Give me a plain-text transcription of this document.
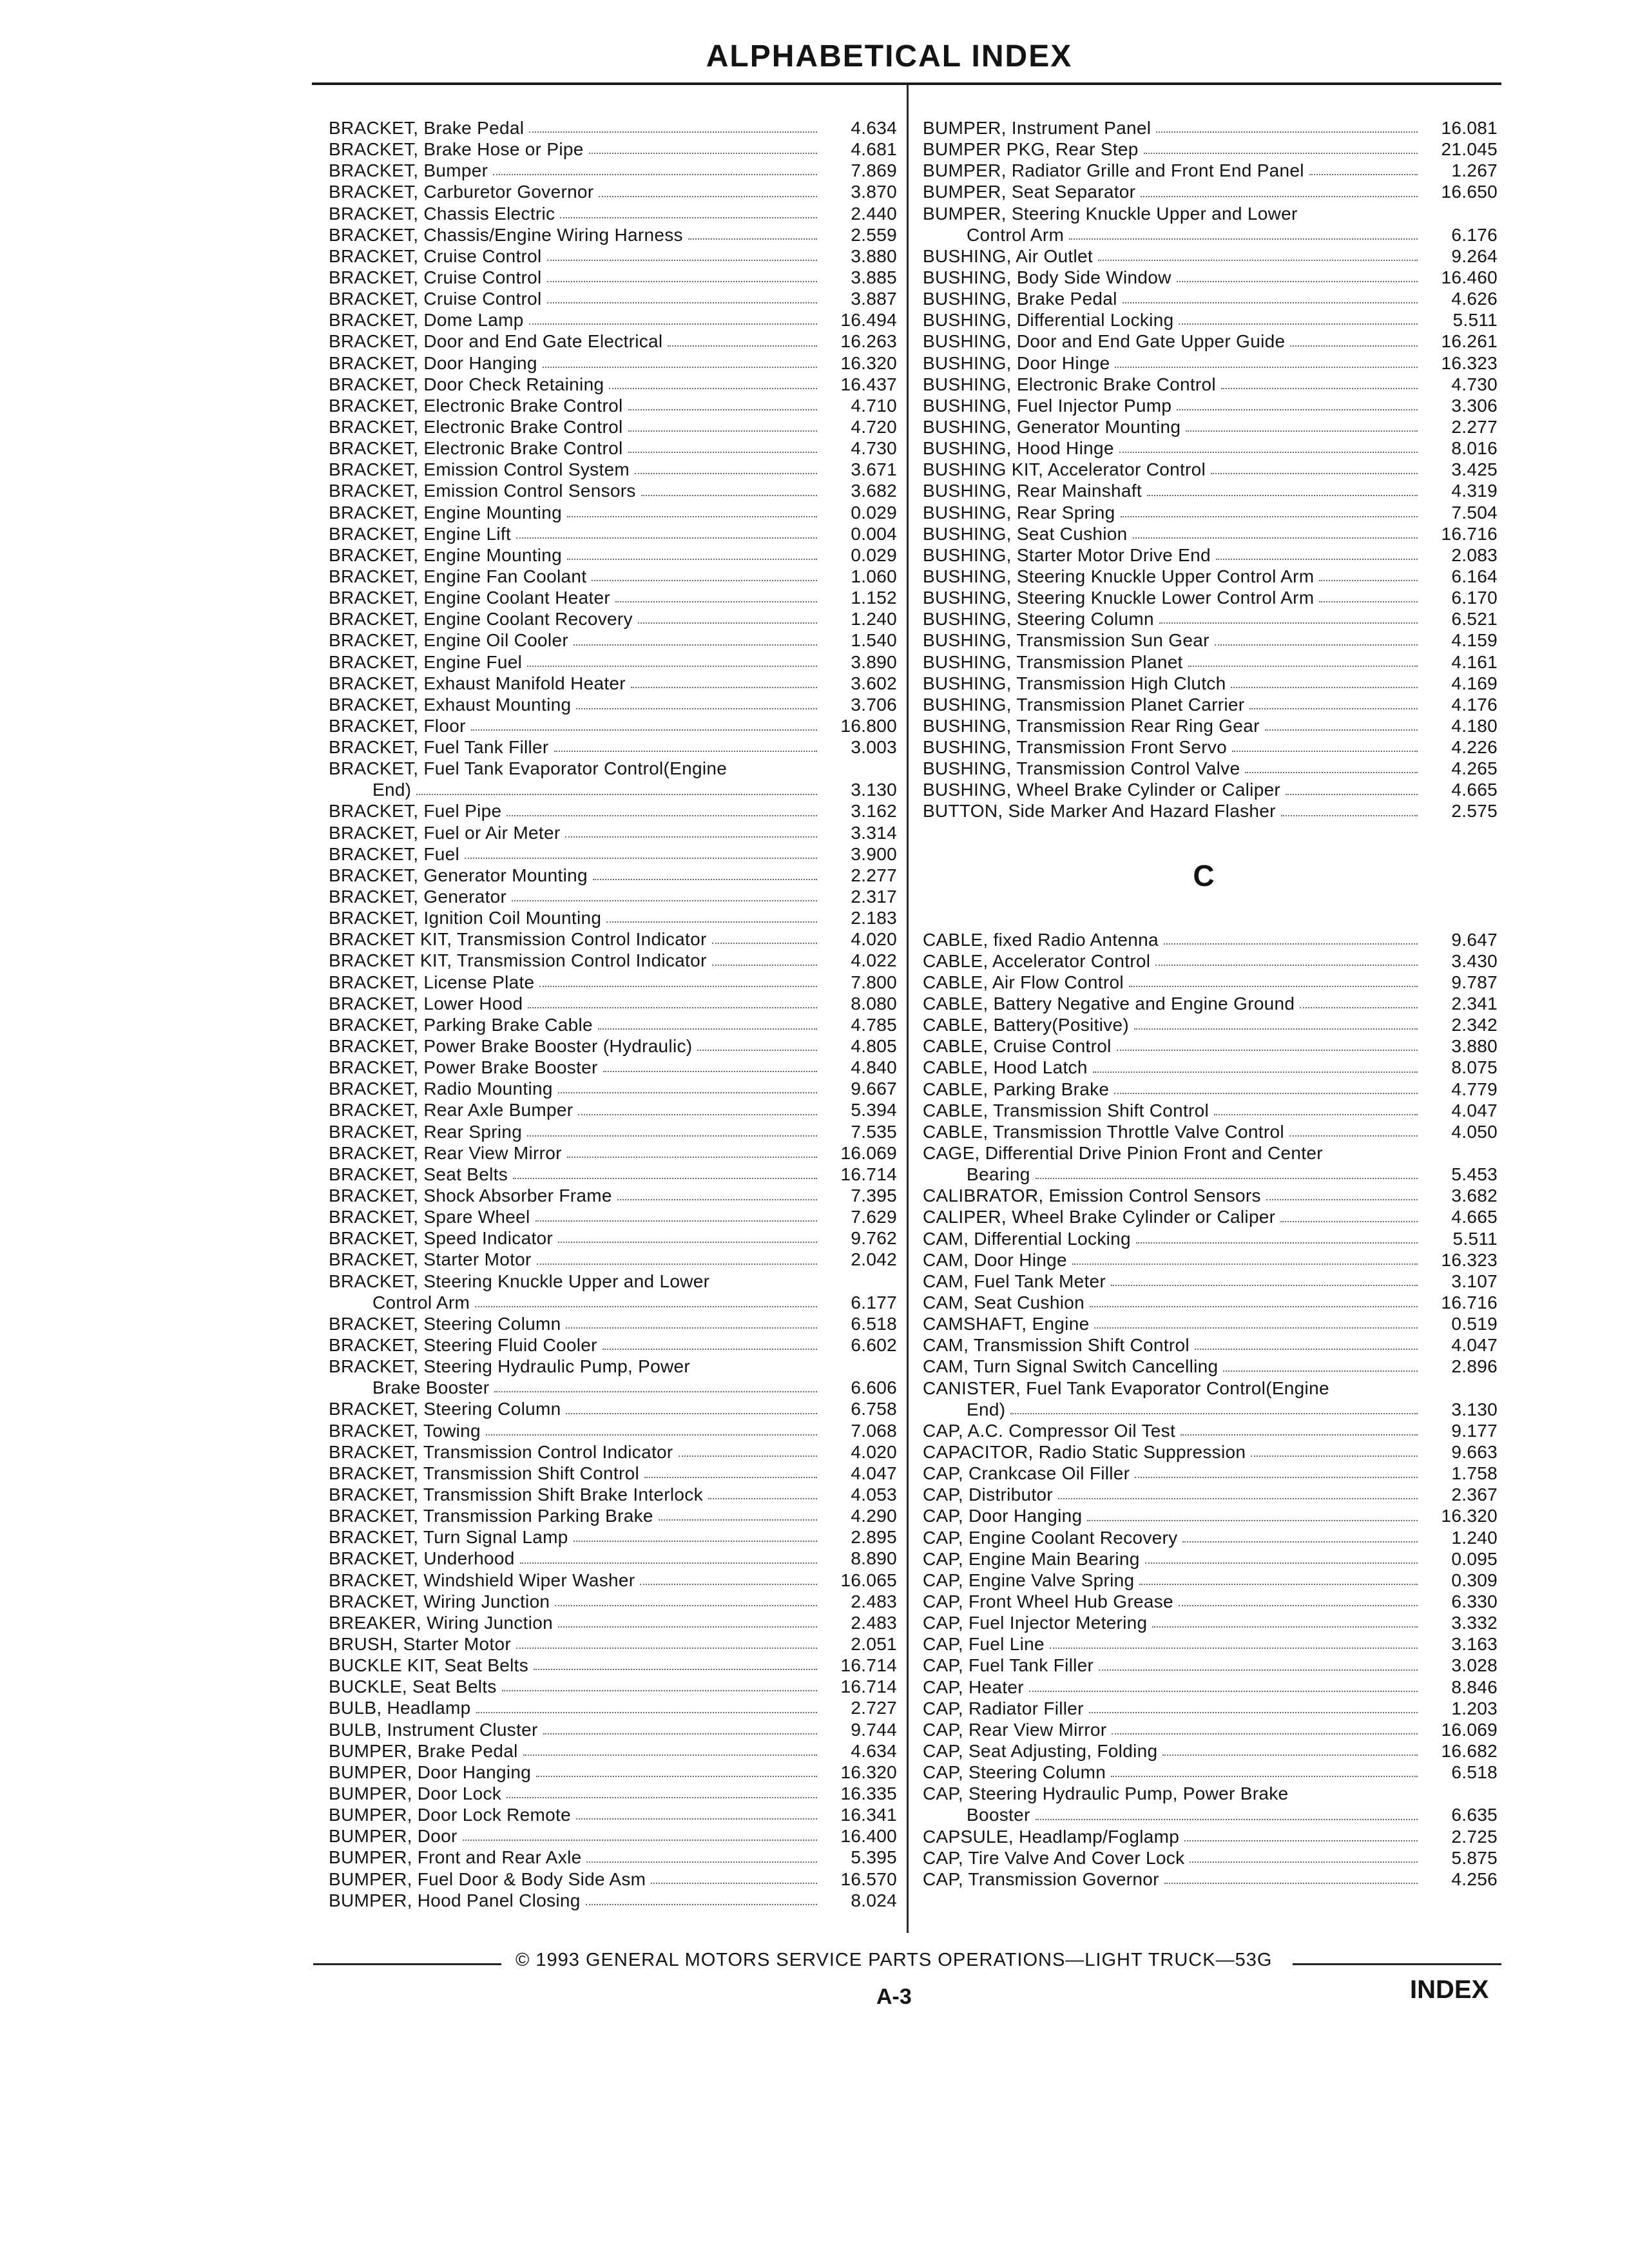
ALPHABETICAL INDEX
BRACKET, Brake Pedal	4.634
BRACKET, Brake Hose or Pipe	4.681
BRACKET, Bumper	7.869
BRACKET, Carburetor Governor	3.870
BRACKET, Chassis Electric	2.440
BRACKET, Chassis/Engine Wiring Harness	2.559
BRACKET, Cruise Control	3.880
BRACKET, Cruise Control	3.885
BRACKET, Cruise Control	3.887
BRACKET, Dome Lamp	16.494
BRACKET, Door and End Gate Electrical	16.263
BRACKET, Door Hanging	16.320
BRACKET, Door Check Retaining	16.437
BRACKET, Electronic Brake Control	4.710
BRACKET, Electronic Brake Control	4.720
BRACKET, Electronic Brake Control	4.730
BRACKET, Emission Control System	3.671
BRACKET, Emission Control Sensors	3.682
BRACKET, Engine Mounting	0.029
BRACKET, Engine Lift	0.004
BRACKET, Engine Mounting	0.029
BRACKET, Engine Fan Coolant	1.060
BRACKET, Engine Coolant Heater	1.152
BRACKET, Engine Coolant Recovery	1.240
BRACKET, Engine Oil Cooler	1.540
BRACKET, Engine Fuel	3.890
BRACKET, Exhaust Manifold Heater	3.602
BRACKET, Exhaust Mounting	3.706
BRACKET, Floor	16.800
BRACKET, Fuel Tank Filler	3.003
BRACKET, Fuel Tank Evaporator Control(Engine
End)	3.130
BRACKET, Fuel Pipe	3.162
BRACKET, Fuel or Air Meter	3.314
BRACKET, Fuel	3.900
BRACKET, Generator Mounting	2.277
BRACKET, Generator	2.317
BRACKET, Ignition Coil Mounting	2.183
BRACKET KIT, Transmission Control Indicator	4.020
BRACKET KIT, Transmission Control Indicator	4.022
BRACKET, License Plate	7.800
BRACKET, Lower Hood	8.080
BRACKET, Parking Brake Cable	4.785
BRACKET, Power Brake Booster (Hydraulic)	4.805
BRACKET, Power Brake Booster	4.840
BRACKET, Radio Mounting	9.667
BRACKET, Rear Axle Bumper	5.394
BRACKET, Rear Spring	7.535
BRACKET, Rear View Mirror	16.069
BRACKET, Seat Belts	16.714
BRACKET, Shock Absorber Frame	7.395
BRACKET, Spare Wheel	7.629
BRACKET, Speed Indicator	9.762
BRACKET, Starter Motor	2.042
BRACKET, Steering Knuckle Upper and Lower
Control Arm	6.177
BRACKET, Steering Column	6.518
BRACKET, Steering Fluid Cooler	6.602
BRACKET, Steering Hydraulic Pump, Power
Brake Booster	6.606
BRACKET, Steering Column	6.758
BRACKET, Towing	7.068
BRACKET, Transmission Control Indicator	4.020
BRACKET, Transmission Shift Control	4.047
BRACKET, Transmission Shift Brake Interlock	4.053
BRACKET, Transmission Parking Brake	4.290
BRACKET, Turn Signal Lamp	2.895
BRACKET, Underhood	8.890
BRACKET, Windshield Wiper Washer	16.065
BRACKET, Wiring Junction	2.483
BREAKER, Wiring Junction	2.483
BRUSH, Starter Motor	2.051
BUCKLE KIT, Seat Belts	16.714
BUCKLE, Seat Belts	16.714
BULB, Headlamp	2.727
BULB, Instrument Cluster	9.744
BUMPER, Brake Pedal	4.634
BUMPER, Door Hanging	16.320
BUMPER, Door Lock	16.335
BUMPER, Door Lock Remote	16.341
BUMPER, Door	16.400
BUMPER, Front and Rear Axle	5.395
BUMPER, Fuel Door & Body Side Asm	16.570
BUMPER, Hood Panel Closing	8.024
BUMPER, Instrument Panel	16.081
BUMPER PKG, Rear Step	21.045
BUMPER, Radiator Grille and Front End Panel	1.267
BUMPER, Seat Separator	16.650
BUMPER, Steering Knuckle Upper and Lower
Control Arm	6.176
BUSHING, Air Outlet	9.264
BUSHING, Body Side Window	16.460
BUSHING, Brake Pedal	4.626
BUSHING, Differential Locking	5.511
BUSHING, Door and End Gate Upper Guide	16.261
BUSHING, Door Hinge	16.323
BUSHING, Electronic Brake Control	4.730
BUSHING, Fuel Injector Pump	3.306
BUSHING, Generator Mounting	2.277
BUSHING, Hood Hinge	8.016
BUSHING KIT, Accelerator Control	3.425
BUSHING, Rear Mainshaft	4.319
BUSHING, Rear Spring	7.504
BUSHING, Seat Cushion	16.716
BUSHING, Starter Motor Drive End	2.083
BUSHING, Steering Knuckle Upper Control Arm	6.164
BUSHING, Steering Knuckle Lower Control Arm	6.170
BUSHING, Steering Column	6.521
BUSHING, Transmission Sun Gear	4.159
BUSHING, Transmission Planet	4.161
BUSHING, Transmission High Clutch	4.169
BUSHING, Transmission Planet Carrier	4.176
BUSHING, Transmission Rear Ring Gear	4.180
BUSHING, Transmission Front Servo	4.226
BUSHING, Transmission Control Valve	4.265
BUSHING, Wheel Brake Cylinder or Caliper	4.665
BUTTON, Side Marker And Hazard Flasher	2.575
C
CABLE, fixed Radio Antenna	9.647
CABLE, Accelerator Control	3.430
CABLE, Air Flow Control	9.787
CABLE, Battery Negative and Engine Ground	2.341
CABLE, Battery(Positive)	2.342
CABLE, Cruise Control	3.880
CABLE, Hood Latch	8.075
CABLE, Parking Brake	4.779
CABLE, Transmission Shift Control	4.047
CABLE, Transmission Throttle Valve Control	4.050
CAGE, Differential Drive Pinion Front and Center
Bearing	5.453
CALIBRATOR, Emission Control Sensors	3.682
CALIPER, Wheel Brake Cylinder or Caliper	4.665
CAM, Differential Locking	5.511
CAM, Door Hinge	16.323
CAM, Fuel Tank Meter	3.107
CAM, Seat Cushion	16.716
CAMSHAFT, Engine	0.519
CAM, Transmission Shift Control	4.047
CAM, Turn Signal Switch Cancelling	2.896
CANISTER, Fuel Tank Evaporator Control(Engine
End)	3.130
CAP, A.C. Compressor Oil Test	9.177
CAPACITOR, Radio Static Suppression	9.663
CAP, Crankcase Oil Filler	1.758
CAP, Distributor	2.367
CAP, Door Hanging	16.320
CAP, Engine Coolant Recovery	1.240
CAP, Engine Main Bearing	0.095
CAP, Engine Valve Spring	0.309
CAP, Front Wheel Hub Grease	6.330
CAP, Fuel Injector Metering	3.332
CAP, Fuel Line	3.163
CAP, Fuel Tank Filler	3.028
CAP, Heater	8.846
CAP, Radiator Filler	1.203
CAP, Rear View Mirror	16.069
CAP, Seat Adjusting, Folding	16.682
CAP, Steering Column	6.518
CAP, Steering Hydraulic Pump, Power Brake
Booster	6.635
CAPSULE, Headlamp/Foglamp	2.725
CAP, Tire Valve And Cover Lock	5.875
CAP, Transmission Governor	4.256
© 1993 GENERAL MOTORS SERVICE PARTS OPERATIONS—LIGHT TRUCK—53G
A-3	INDEX
